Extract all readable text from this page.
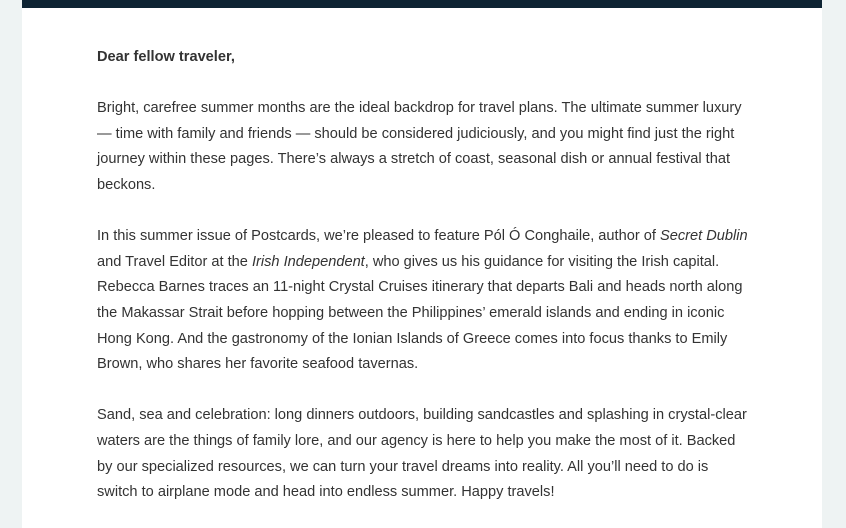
Dear fellow traveler,

Bright, carefree summer months are the ideal backdrop for travel plans. The ultimate summer luxury — time with family and friends — should be considered judiciously, and you might find just the right journey within these pages. There’s always a stretch of coast, seasonal dish or annual festival that beckons.

In this summer issue of Postcards, we’re pleased to feature Pól Ó Conghaile, author of Secret Dublin and Travel Editor at the Irish Independent, who gives us his guidance for visiting the Irish capital. Rebecca Barnes traces an 11-night Crystal Cruises itinerary that departs Bali and heads north along the Makassar Strait before hopping between the Philippines’ emerald islands and ending in iconic Hong Kong. And the gastronomy of the Ionian Islands of Greece comes into focus thanks to Emily Brown, who shares her favorite seafood tavernas.

Sand, sea and celebration: long dinners outdoors, building sandcastles and splashing in crystal-clear waters are the things of family lore, and our agency is here to help you make the most of it. Backed by our specialized resources, we can turn your travel dreams into reality. All you’ll need to do is switch to airplane mode and head into endless summer. Happy travels!
